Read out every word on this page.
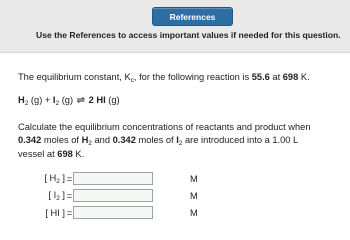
References
Use the References to access important values if needed for this question.
The equilibrium constant, $K_c$, for the following reaction is 55.6 at 698 K.
$H_2$ $(g) + I_2$ (g) ⇌ 2 HI (g)
Calculate the equilibrium concentrations of reactants and product when
0.342 moles of $H_2$ and 0.342 moles of $I_2$ are introduced into a 1.00 L
vessel at 698 K.
[ $H_2$ ] =	M
[ $I_2$ ] =	M
[ HI ] =	M
